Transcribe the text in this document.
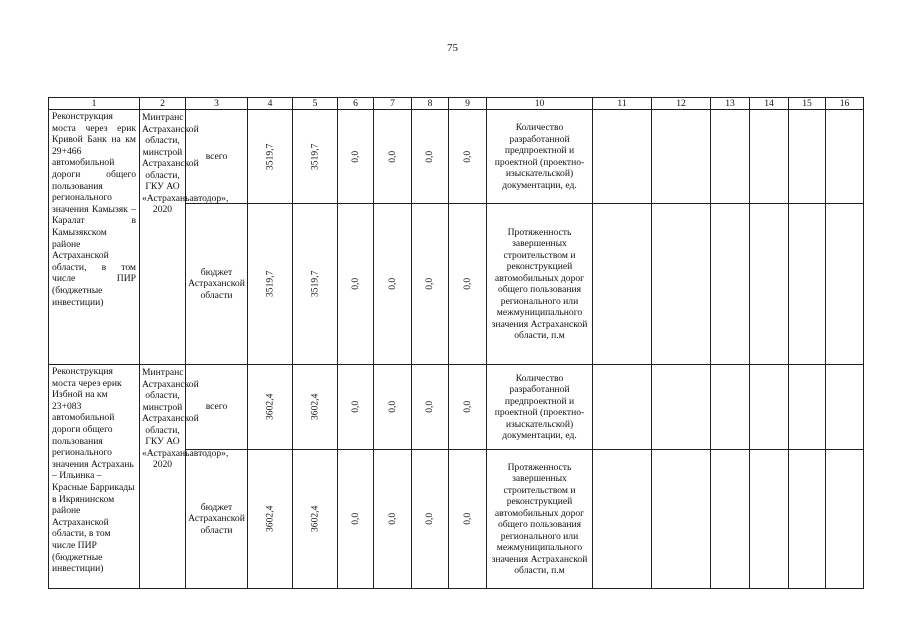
75
1	2	3	4	5	6	7	8	9	10	11	12	13	14	15	16
Реконструкция моста через ерик Кривой Банк на км 29+466 автомобильной дороги общего пользования регионального значения Камызяк – Каралат в Камызякском районе Астраханской области, в том числе ПИР (бюджетные инвестиции)	Минтранс Астраханской области, минстрой Астраханской области, ГКУ АО «Астраханьавтодор», 2020	всего	3519,7	3519,7	0,0	0,0	0,0	0,0	Количество разработанной предпроектной и проектной (проектно-изыскательской) документации, ед.						
		бюджет Астраханской области	3519,7	3519,7	0,0	0,0	0,0	0,0	Протяженность завершенных строительством и реконструкцией автомобильных дорог общего пользования регионального или межмуниципального значения Астраханской области, п.м						
Реконструкция моста через ерик Избной на км 23+083 автомобильной дороги общего пользования регионального значения Астрахань – Ильинка – Красные Баррикады в Икрянинском районе Астраханской области, в том числе ПИР (бюджетные инвестиции)	Минтранс Астраханской области, минстрой Астраханской области, ГКУ АО «Астраханьавтодор», 2020	всего	3602,4	3602,4	0,0	0,0	0,0	0,0	Количество разработанной предпроектной и проектной (проектно-изыскательской) документации, ед.						
		бюджет Астраханской области	3602,4	3602,4	0,0	0,0	0,0	0,0	Протяженность завершенных строительством и реконструкцией автомобильных дорог общего пользования регионального или межмуниципального значения Астраханской области, п.м						
